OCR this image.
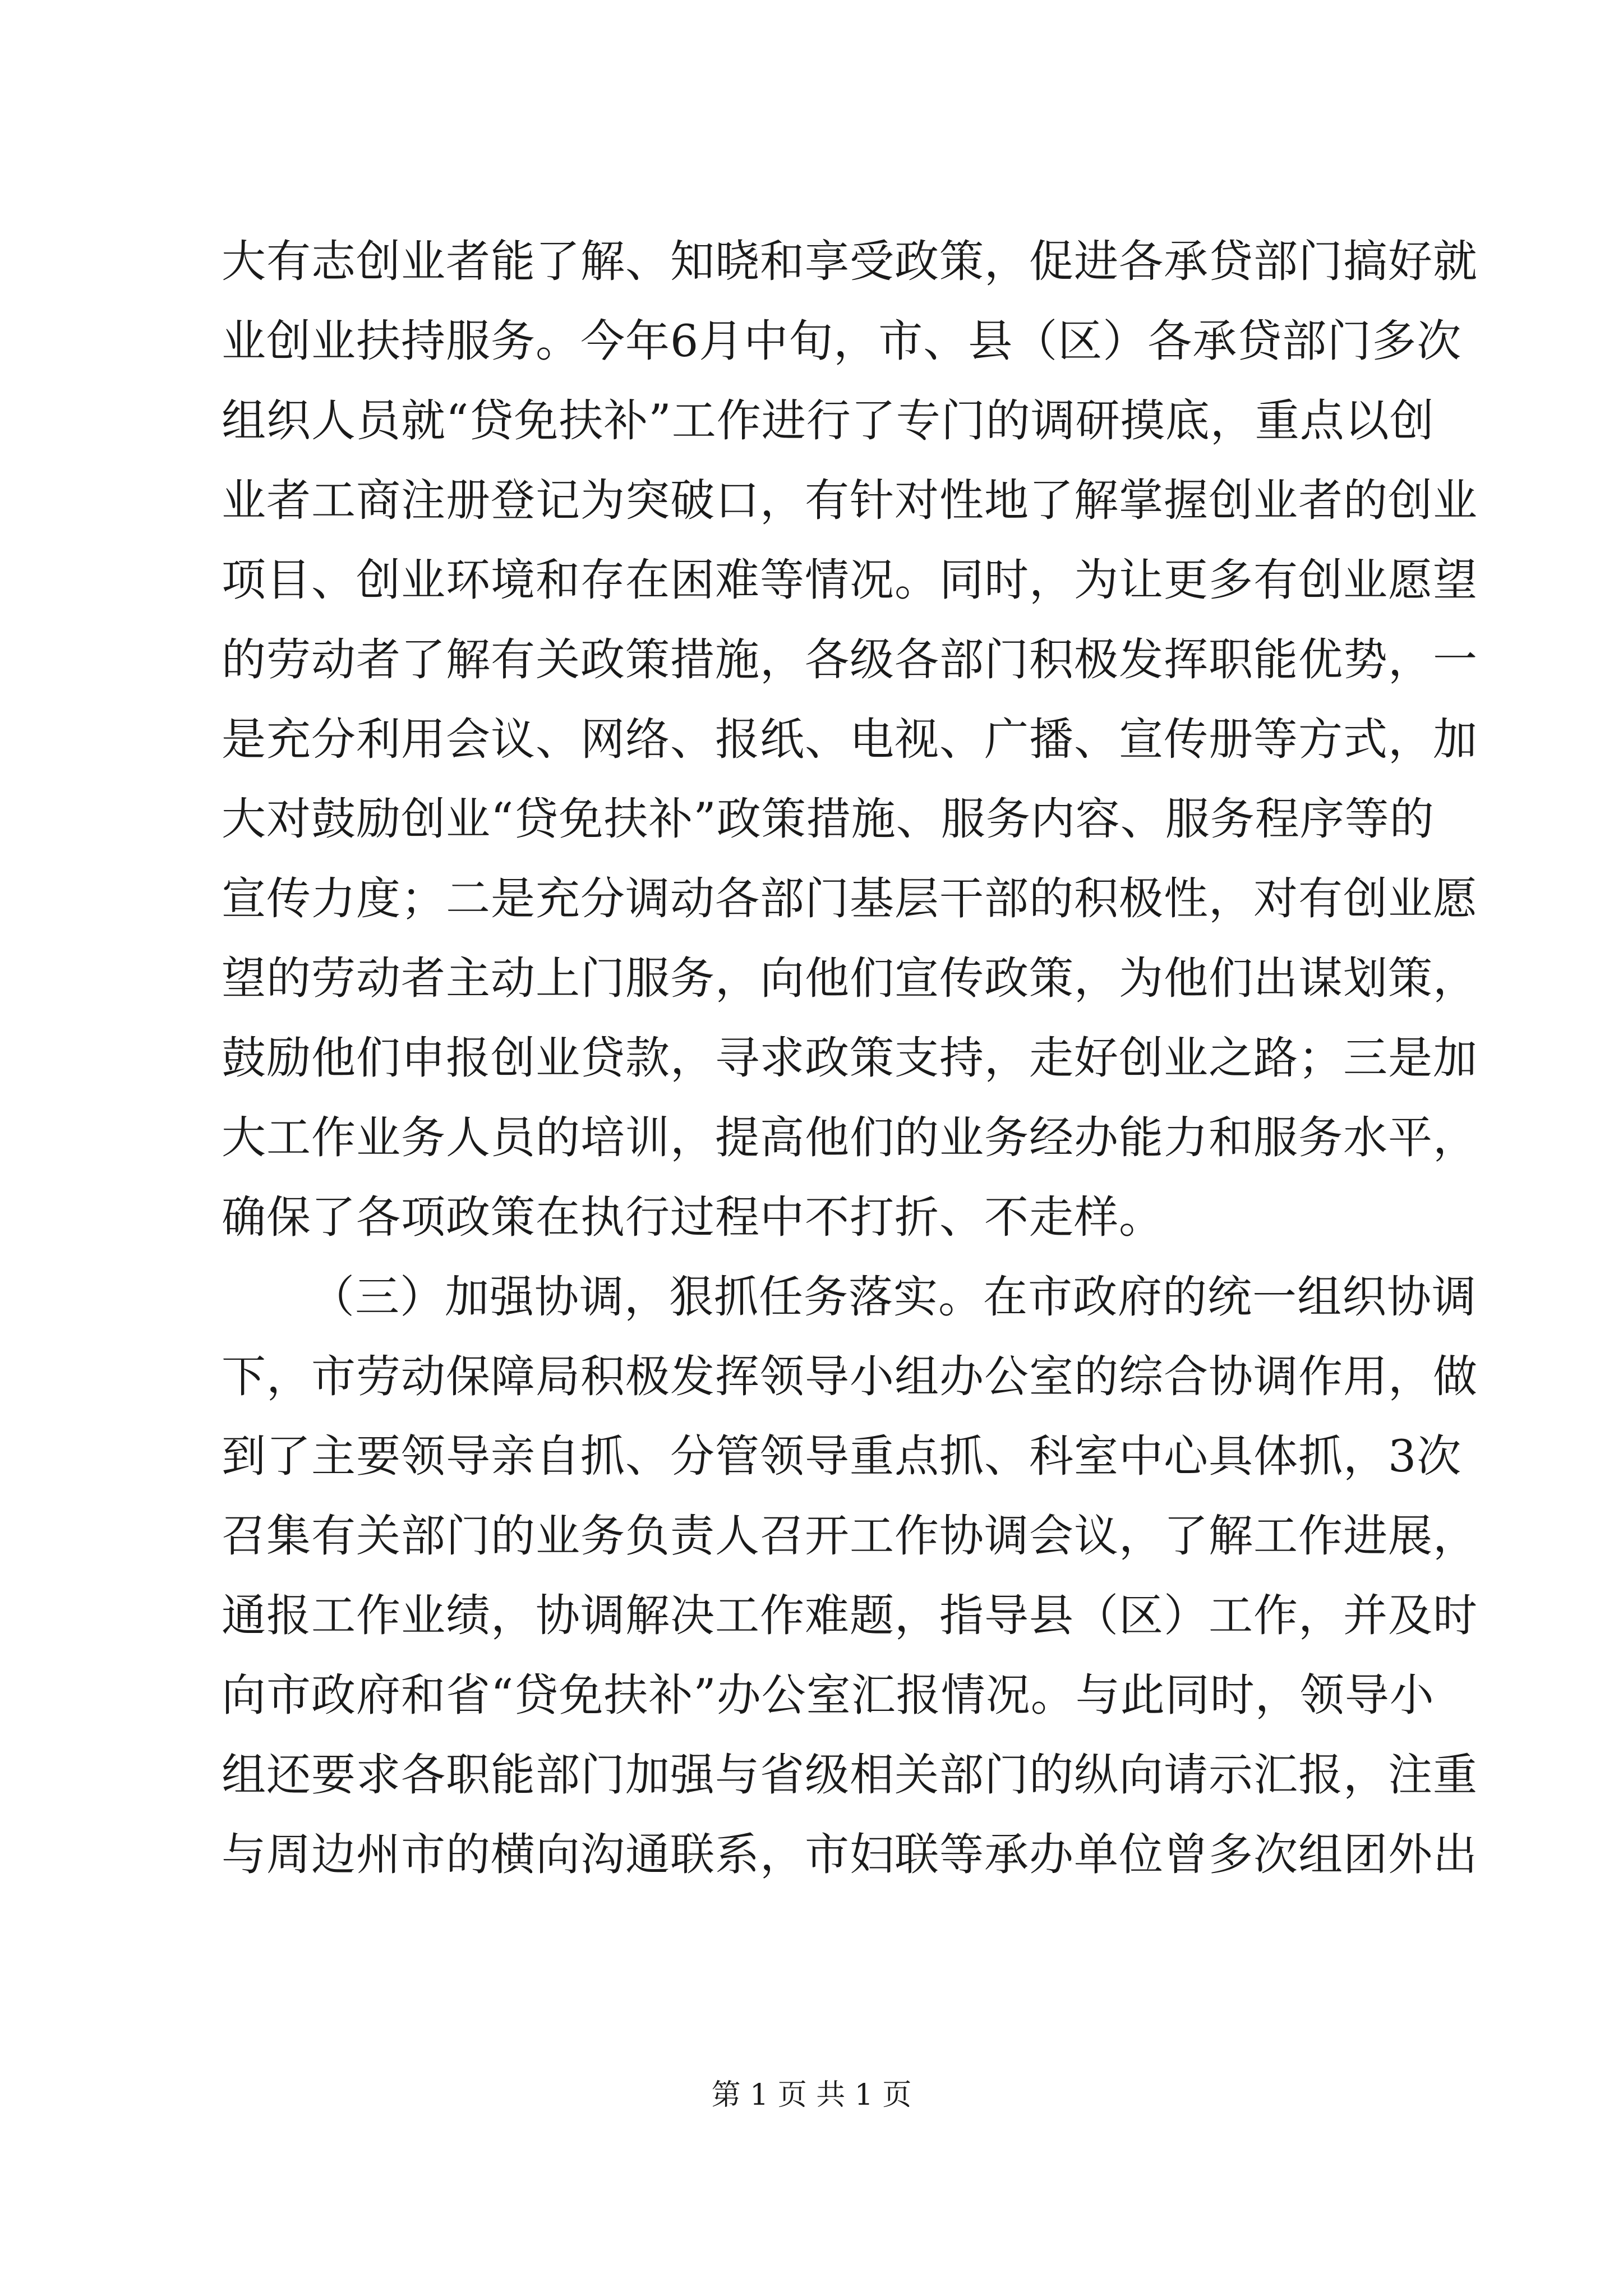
大有志创业者能了解、知晓和享受政策，促进各承贷部门搞好就
业创业扶持服务。今年6月中旬，市、县（区）各承贷部门多次
组织人员就“贷免扶补”工作进行了专门的调研摸底，重点以创
业者工商注册登记为突破口，有针对性地了解掌握创业者的创业
项目、创业环境和存在困难等情况。同时，为让更多有创业愿望
的劳动者了解有关政策措施，各级各部门积极发挥职能优势，一
是充分利用会议、网络、报纸、电视、广播、宣传册等方式，加
大对鼓励创业“贷免扶补”政策措施、服务内容、服务程序等的
宣传力度；二是充分调动各部门基层干部的积极性，对有创业愿
望的劳动者主动上门服务，向他们宣传政策，为他们出谋划策，
鼓励他们申报创业贷款，寻求政策支持，走好创业之路；三是加
大工作业务人员的培训，提高他们的业务经办能力和服务水平，
确保了各项政策在执行过程中不打折、不走样。
（三）加强协调，狠抓任务落实。在市政府的统一组织协调
下，市劳动保障局积极发挥领导小组办公室的综合协调作用，做
到了主要领导亲自抓、分管领导重点抓、科室中心具体抓，3次
召集有关部门的业务负责人召开工作协调会议，了解工作进展，
通报工作业绩，协调解决工作难题，指导县（区）工作，并及时
向市政府和省“贷免扶补”办公室汇报情况。与此同时，领导小
组还要求各职能部门加强与省级相关部门的纵向请示汇报，注重
与周边州市的横向沟通联系，市妇联等承办单位曾多次组团外出
第 1 页 共 1 页
